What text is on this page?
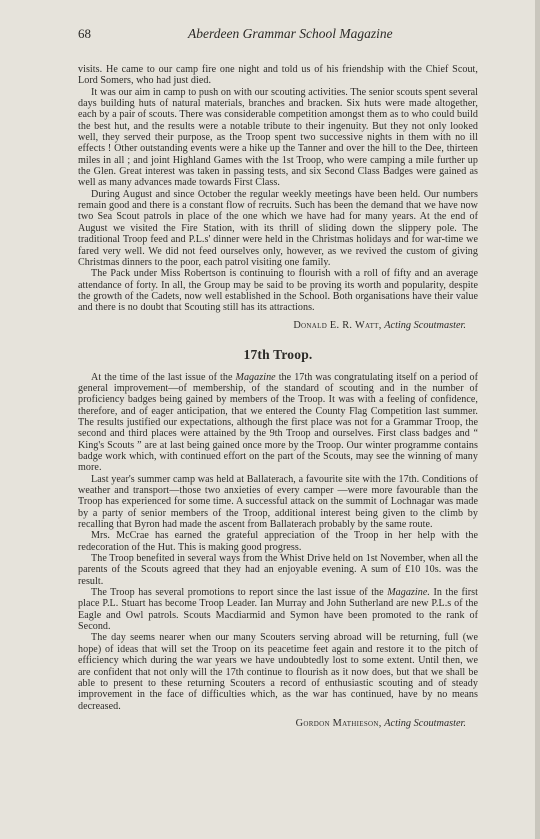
68	Aberdeen Grammar School Magazine

visits. He came to our camp fire one night and told us of his friendship with the Chief Scout, Lord Somers, who had just died.

It was our aim in camp to push on with our scouting activities. The senior scouts spent several days building huts of natural materials, branches and bracken. Six huts were made altogether, each by a pair of scouts. There was considerable competition amongst them as to who could build the best hut, and the results were a notable tribute to their ingenuity. But they not only looked well, they served their purpose, as the Troop spent two successive nights in them with no ill effects ! Other outstanding events were a hike up the Tanner and over the hill to the Dee, thirteen miles in all ; and joint Highland Games with the 1st Troop, who were camping a mile further up the Glen. Great interest was taken in passing tests, and six Second Class Badges were gained as well as many advances made towards First Class.

During August and since October the regular weekly meetings have been held. Our numbers remain good and there is a constant flow of recruits. Such has been the demand that we have now two Sea Scout patrols in place of the one which we have had for many years. At the end of August we visited the Fire Station, with its thrill of sliding down the slippery pole. The traditional Troop feed and P.L.s' dinner were held in the Christmas holidays and for war-time we fared very well. We did not feed ourselves only, however, as we revived the custom of giving Christmas dinners to the poor, each patrol visiting one family.

The Pack under Miss Robertson is continuing to flourish with a roll of fifty and an average attendance of forty. In all, the Group may be said to be proving its worth and popularity, despite the growth of the Cadets, now well established in the School. Both organisations have their value and there is no doubt that Scouting still has its attractions.

Donald E. R. Watt, Acting Scoutmaster.
17th Troop.

At the time of the last issue of the Magazine the 17th was congratulating itself on a period of general improvement—of membership, of the standard of scouting and in the number of proficiency badges being gained by members of the Troop. It was with a feeling of confidence, therefore, and of eager anticipation, that we entered the County Flag Competition last summer. The results justified our expectations, although the first place was not for a Grammar Troop, the second and third places were attained by the 9th Troop and ourselves. First class badges and “ King's Scouts ” are at last being gained once more by the Troop. Our winter programme contains badge work which, with continued effort on the part of the Scouts, may see the winning of many more.

Last year's summer camp was held at Ballaterach, a favourite site with the 17th. Conditions of weather and transport—those two anxieties of every camper —were more favourable than the Troop has experienced for some time. A successful attack on the summit of Lochnagar was made by a party of senior members of the Troop, additional interest being given to the climb by recalling that Byron had made the ascent from Ballaterach probably by the same route.

Mrs. McCrae has earned the grateful appreciation of the Troop in her help with the redecoration of the Hut. This is making good progress.

The Troop benefited in several ways from the Whist Drive held on 1st November, when all the parents of the Scouts agreed that they had an enjoyable evening. A sum of £10 10s. was the result.

The Troop has several promotions to report since the last issue of the Magazine. In the first place P.L. Stuart has become Troop Leader. Ian Murray and John Sutherland are new P.L.s of the Eagle and Owl patrols. Scouts Macdiarmid and Symon have been promoted to the rank of Second.

The day seems nearer when our many Scouters serving abroad will be returning, full (we hope) of ideas that will set the Troop on its peacetime feet again and restore it to the pitch of efficiency which during the war years we have undoubtedly lost to some extent. Until then, we are confident that not only will the 17th continue to flourish as it now does, but that we shall be able to present to these returning Scouters a record of enthusiastic scouting and of steady improvement in the face of difficulties which, as the war has continued, have by no means decreased.

Gordon Mathieson, Acting Scoutmaster.
